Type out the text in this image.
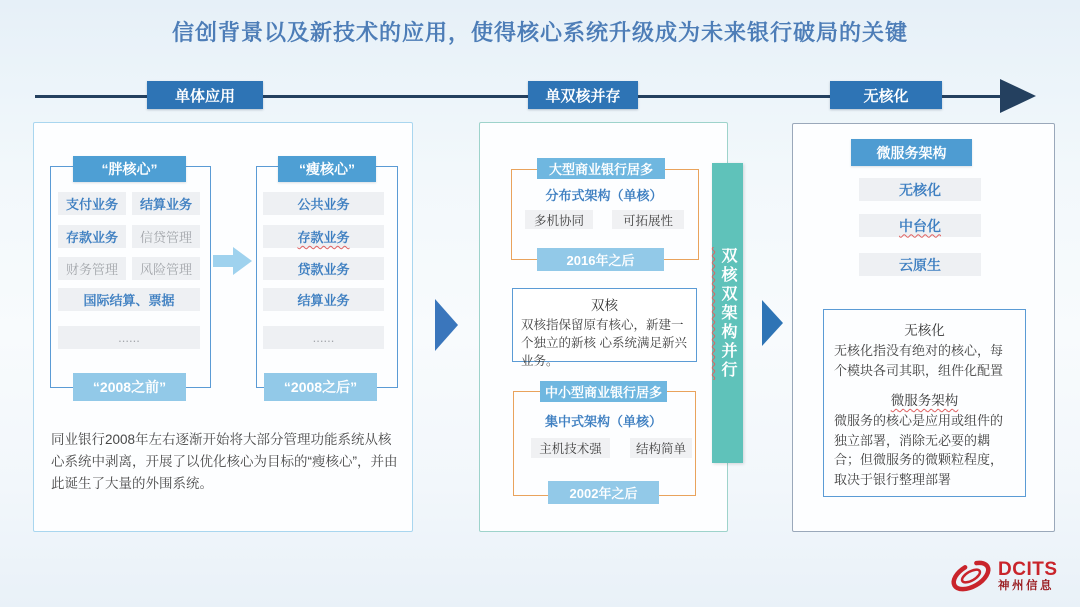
信创背景以及新技术的应用，使得核心系统升级成为未来银行破局的关键
单体应用	单双核并存	无核化
“胖核心”	“瘦核心”
支付业务	结算业务
存款业务	信贷管理
财务管理	风险管理
国际结算、票据
......
公共业务
存款业务
贷款业务
结算业务
......
“2008之前”	“2008之后”
同业银行2008年左右逐渐开始将大部分管理功能系统从核心系统中剥离，开展了以优化核心为目标的“瘦核心”，并由此诞生了大量的外围系统。
大型商业银行居多
分布式架构（单核）
多机协同	可拓展性
2016年之后
双核
双核指保留原有核心，新建一个独立的新核 心系统满足新兴业务。
中小型商业银行居多
集中式架构（单核）
主机技术强	结构简单
2002年之后
双核双架构并行
微服务架构
无核化
中台化
云原生
无核化
无核化指没有绝对的核心，每个模块各司其职，组件化配置
微服务架构
微服务的核心是应用或组件的独立部署，消除无必要的耦合；但微服务的微颗粒程度，取决于银行整理部署
DCITS
神州信息
